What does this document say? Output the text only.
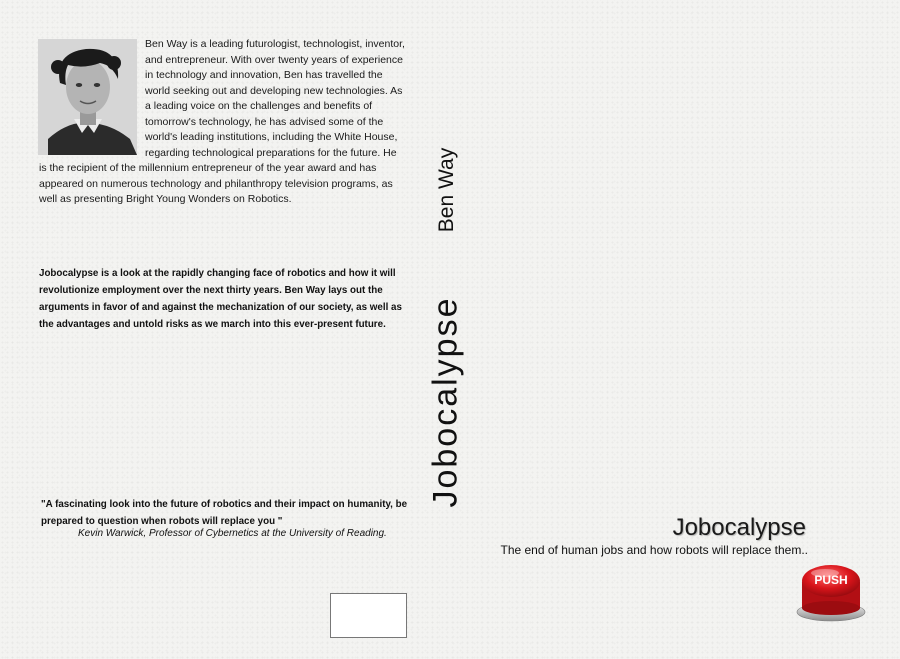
Ben Way is a leading futurologist, technologist, inventor, and entrepreneur. With over twenty years of experience in technology and innovation, Ben has travelled the world seeking out and developing new technologies. As a leading voice on the challenges and benefits of tomorrow's technology, he has advised some of the world's leading institutions, including the White House, regarding technological preparations for the future. He is the recipient of the millennium entrepreneur of the year award and has appeared on numerous technology and philanthropy television programs, as well as presenting Bright Young Wonders on Robotics.

Jobocalypse is a look at the rapidly changing face of robotics and how it will revolutionize employment over the next thirty years. Ben Way lays out the arguments in favor of and against the mechanization of our society, as well as the advantages and untold risks as we march into this ever-present future.

"A fascinating look into the future of robotics and their impact on humanity, be prepared to question when robots will replace you "

Kevin Warwick, Professor of Cybernetics at the University of Reading.

Ben Way
Jobocalypse
Jobocalypse
The end of human jobs and how robots will replace them..
PUSH
